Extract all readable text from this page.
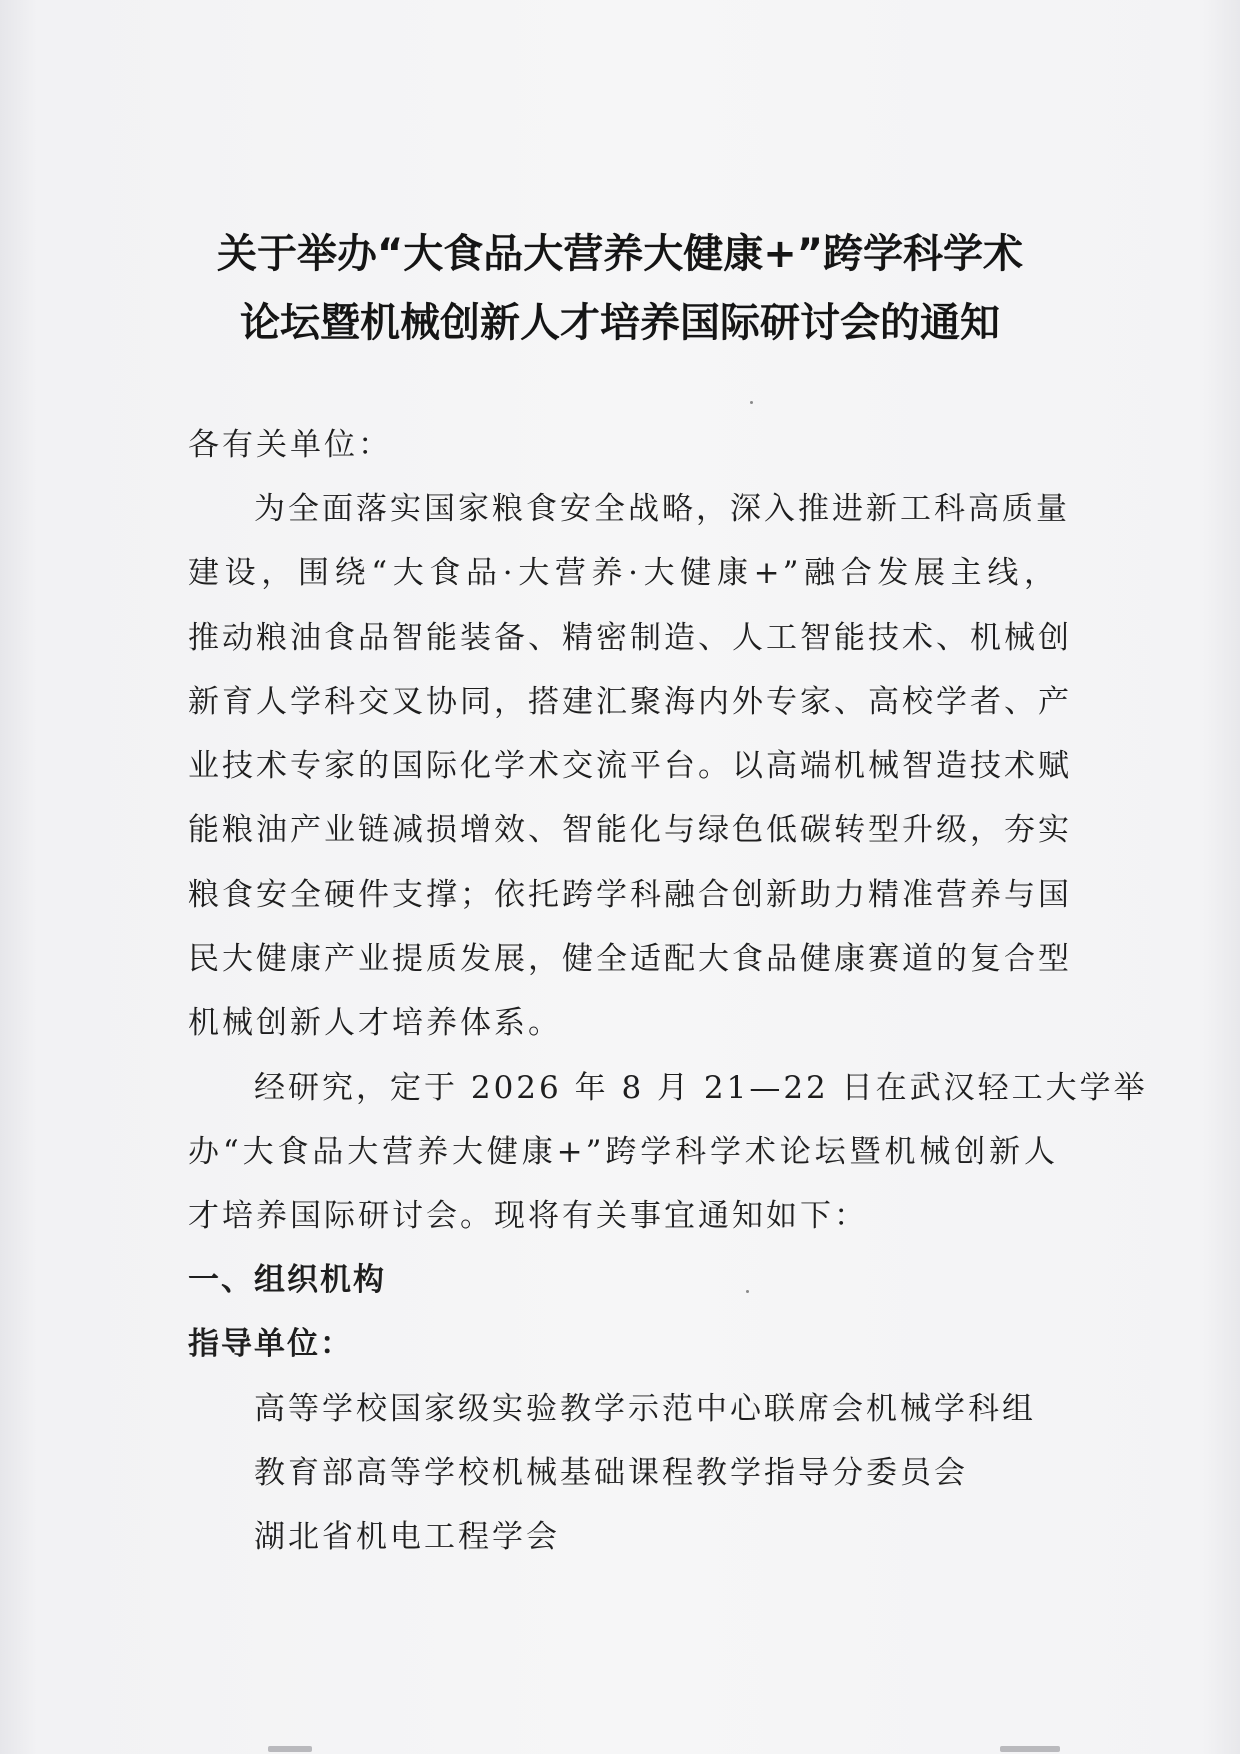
关于举办“大食品大营养大健康+”跨学科学术
论坛暨机械创新人才培养国际研讨会的通知
各有关单位：
为全面落实国家粮食安全战略，深入推进新工科高质量
建设，围绕“大食品·大营养·大健康+”融合发展主线，
推动粮油食品智能装备、精密制造、人工智能技术、机械创
新育人学科交叉协同，搭建汇聚海内外专家、高校学者、产
业技术专家的国际化学术交流平台。以高端机械智造技术赋
能粮油产业链减损增效、智能化与绿色低碳转型升级，夯实
粮食安全硬件支撑；依托跨学科融合创新助力精准营养与国
民大健康产业提质发展，健全适配大食品健康赛道的复合型
机械创新人才培养体系。
经研究，定于 2026 年 8 月 21—22 日在武汉轻工大学举
办“大食品大营养大健康+”跨学科学术论坛暨机械创新人
才培养国际研讨会。现将有关事宜通知如下：
一、组织机构
指导单位：
高等学校国家级实验教学示范中心联席会机械学科组
教育部高等学校机械基础课程教学指导分委员会
湖北省机电工程学会
